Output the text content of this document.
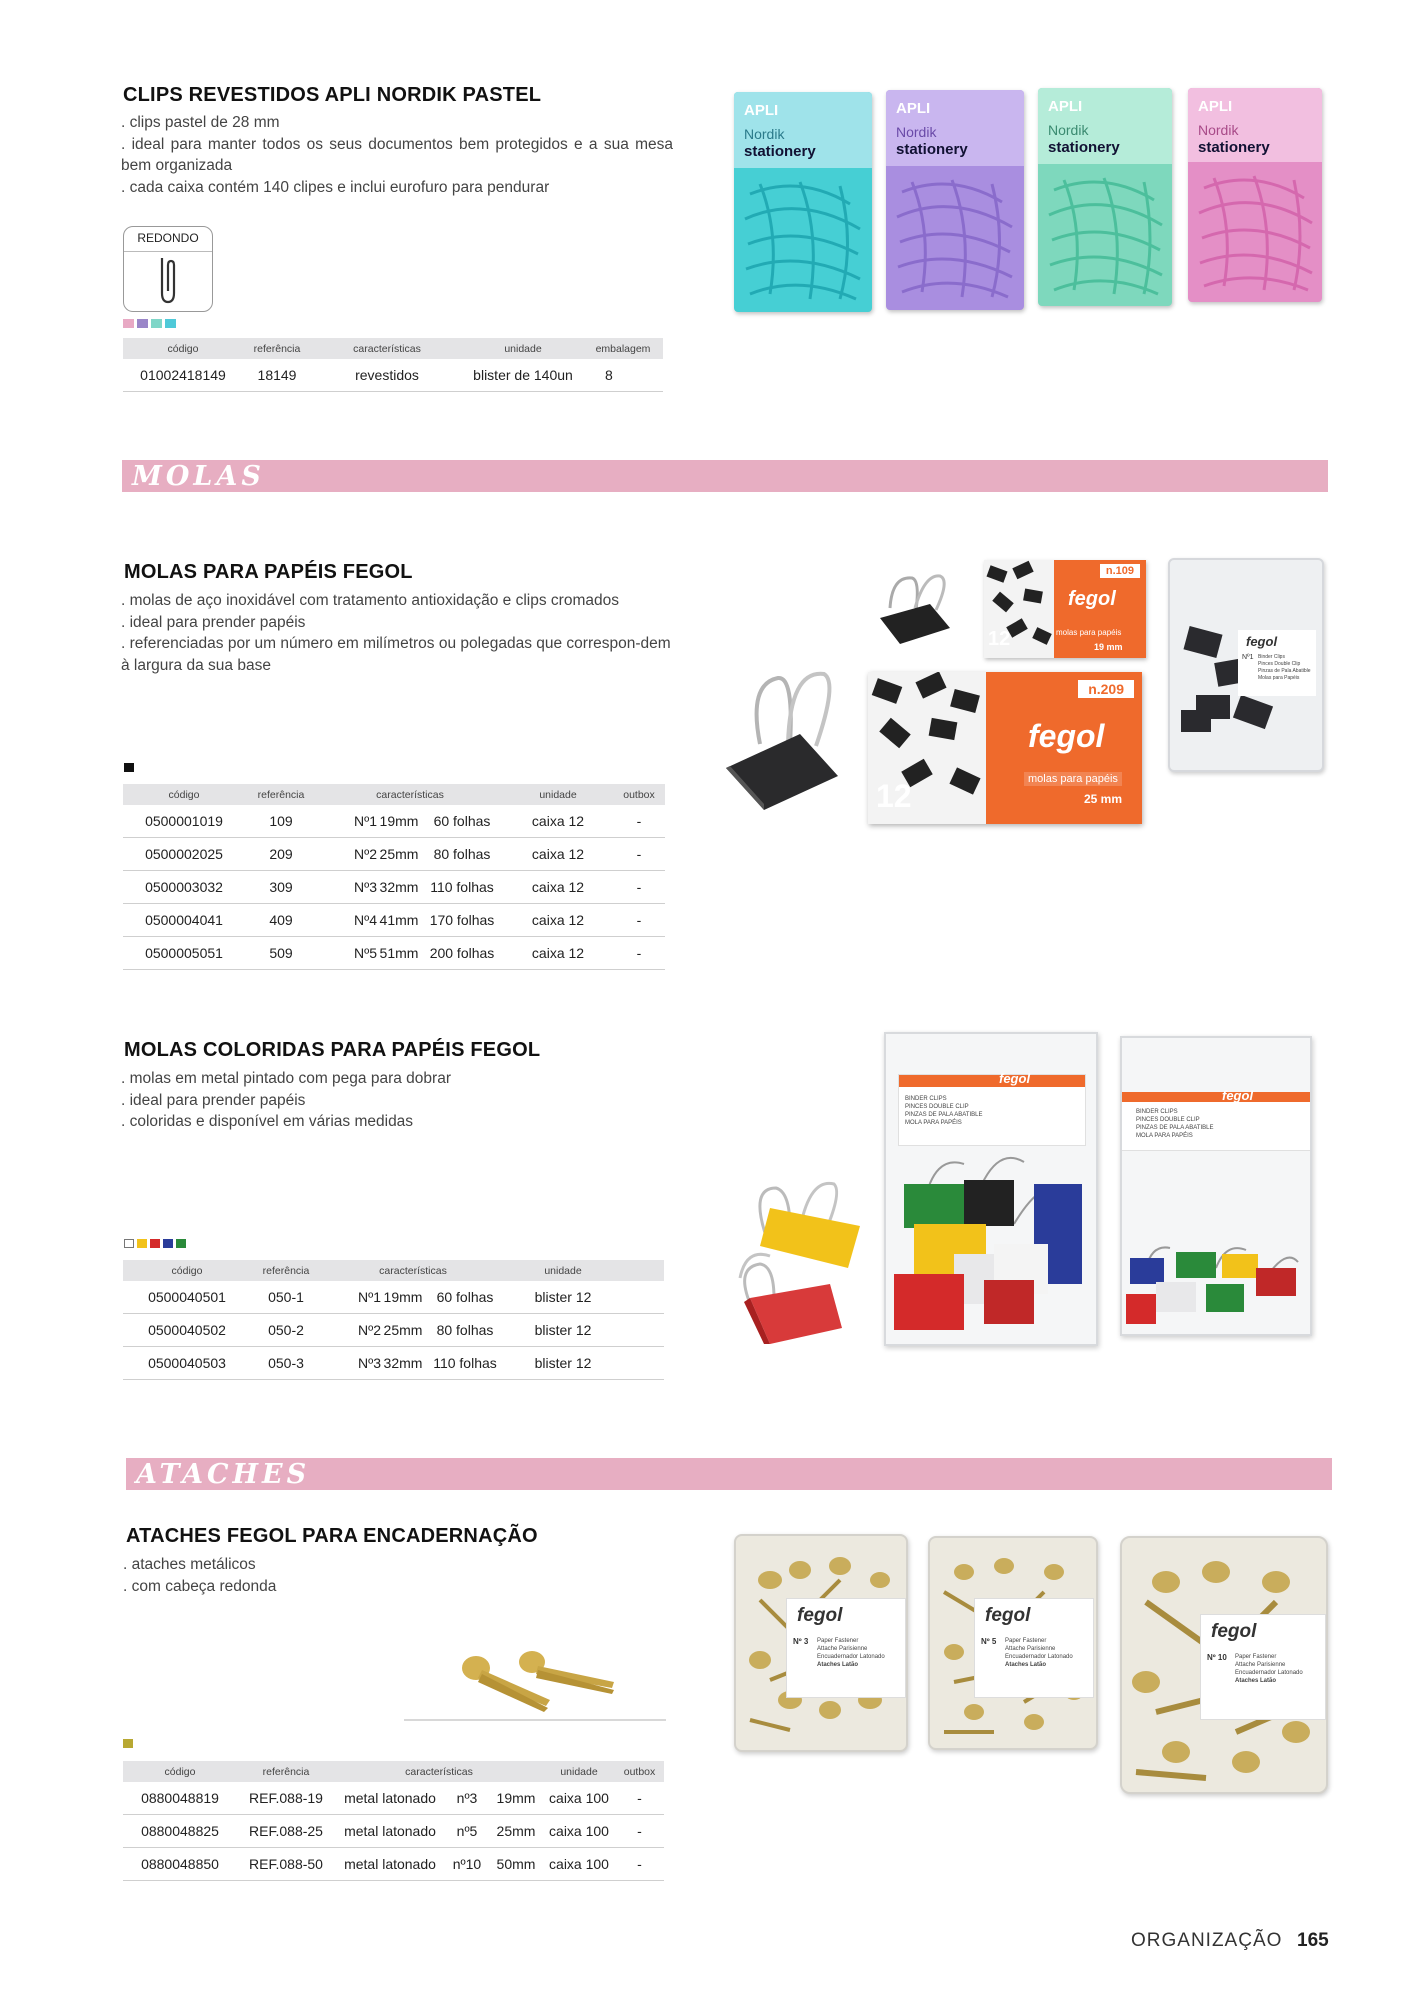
CLIPS REVESTIDOS APLI NORDIK PASTEL
. clips pastel de 28 mm
. ideal para manter todos os seus documentos bem protegidos e a sua mesa bem organizada
. cada caixa contém 140 clipes e inclui eurofuro para pendurar
REDONDO
código	referência	características	unidade	embalagem
01002418149	18149	revestidos	blister de 140un	8
APLI
Nordik
stationery
APLI
Nordik
stationery
APLI
Nordik
stationery
APLI
Nordik
stationery
MOLAS
MOLAS PARA PAPÉIS FEGOL
. molas de aço inoxidável com tratamento antioxidação e clips cromados
. ideal para prender papéis
. referenciadas por um número em milímetros ou polegadas que correspon-dem à largura da sua base
código	referência	características			unidade	outbox
0500001019	109	Nº1	19mm	60 folhas	caixa 12	-
0500002025	209	Nº2	25mm	80 folhas	caixa 12	-
0500003032	309	Nº3	32mm	110 folhas	caixa 12	-
0500004041	409	Nº4	41mm	170 folhas	caixa 12	-
0500005051	509	Nº5	51mm	200 folhas	caixa 12	-
n.109
fegol
12	molas para papéis
19 mm	fegol
Nº1 Binder Clips
Pinces Double Clip
Pinzas de Pala Abatible
Molas para Papéis
n.209
fegol
12	molas para papéis
25 mm
MOLAS COLORIDAS PARA PAPÉIS FEGOL
. molas em metal pintado com pega para dobrar
. ideal para prender papéis
. coloridas e disponível em várias medidas
código	referência	características			unidade	
0500040501	050-1	Nº1	19mm	60 folhas	blister 12	
0500040502	050-2	Nº2	25mm	80 folhas	blister 12	
0500040503	050-3	Nº3	32mm	110 folhas	blister 12	
fegol
BINDER CLIPS
PINCES DOUBLE CLIP
PINZAS DE PALA ABATIBLE
MOLA PARA PAPÉIS
fegol
BINDER CLIPS
PINCES DOUBLE CLIP
PINZAS DE PALA ABATIBLE
MOLA PARA PAPÉIS
ATACHES
ATACHES FEGOL PARA ENCADERNAÇÃO
. ataches metálicos
. com cabeça redonda
código	referência	características			unidade	outbox
0880048819	REF.088-19	metal latonado	nº3	19mm	caixa 100	-
0880048825	REF.088-25	metal latonado	nº5	25mm	caixa 100	-
0880048850	REF.088-50	metal latonado	nº10	50mm	caixa 100	-
fegol
Nº 3 Paper Fastener
Attache Parisienne
Encuadernador Latonado
Ataches Latão
fegol
Nº 5 Paper Fastener
Attache Parisienne
Encuadernador Latonado
Ataches Latão
fegol
Nº 10 Paper Fastener
Attache Parisienne
Encuadernador Latonado
Ataches Latão
ORGANIZAÇÃO 165
